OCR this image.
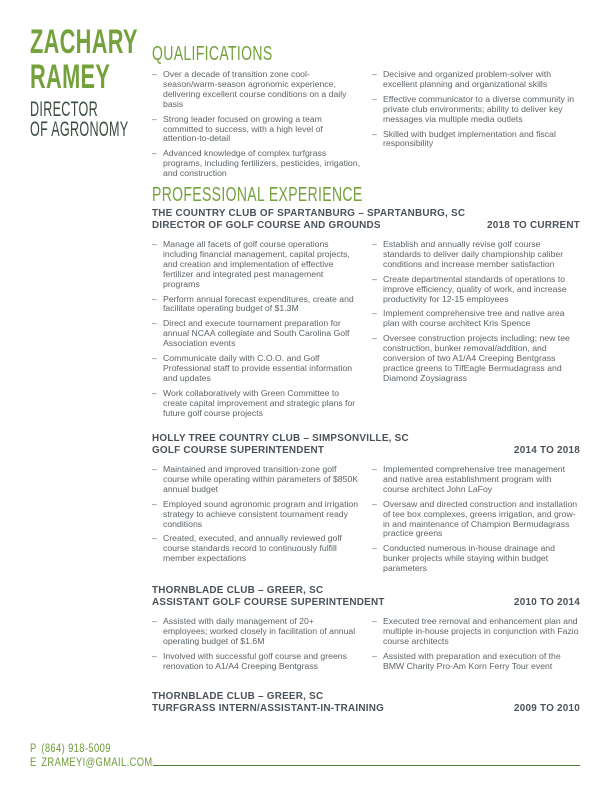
ZACHARY
RAMEY
DIRECTOR
OF AGRONOMY
QUALIFICATIONS
– Over a decade of transition zone cool-season/warm-season agronomic experience, delivering excellent course conditions on a daily basis
– Strong leader focused on growing a team committed to success, with a high level of attention-to-detail
– Advanced knowledge of complex turfgrass programs, including fertilizers, pesticides, irrigation, and construction
– Decisive and organized problem-solver with excellent planning and organizational skills
– Effective communicator to a diverse community in private club environments; ability to deliver key messages via multiple media outlets
– Skilled with budget implementation and fiscal responsibility
PROFESSIONAL EXPERIENCE
THE COUNTRY CLUB OF SPARTANBURG – SPARTANBURG, SC
DIRECTOR OF GOLF COURSE AND GROUNDS	2018 TO CURRENT
– Manage all facets of golf course operations including financial management, capital projects, and creation and implementation of effective fertilizer and integrated pest management programs
– Perform annual forecast expenditures, create and facilitate operating budget of $1.3M
– Direct and execute tournament preparation for annual NCAA collegiate and South Carolina Golf Association events
– Communicate daily with C.O.O. and Golf Professional staff to provide essential information and updates
– Work collaboratively with Green Committee to create capital improvement and strategic plans for future golf course projects
– Establish and annually revise golf course standards to deliver daily championship caliber conditions and increase member satisfaction
– Create departmental standards of operations to improve efficiency, quality of work, and increase productivity for 12-15 employees
– Implement comprehensive tree and native area plan with course architect Kris Spence
– Oversee construction projects including; new tee construction, bunker removal/addition, and conversion of two A1/A4 Creeping Bentgrass practice greens to TifEagle Bermudagrass and Diamond Zoysiagrass
HOLLY TREE COUNTRY CLUB – SIMPSONVILLE, SC
GOLF COURSE SUPERINTENDENT	2014 TO 2018
– Maintained and improved transition-zone golf course while operating within parameters of $850K annual budget
– Employed sound agronomic program and irrigation strategy to achieve consistent tournament ready conditions
– Created, executed, and annually reviewed golf course standards record to continuously fulfill member expectations
– Implemented comprehensive tree management and native area establishment program with course architect John LaFoy
– Oversaw and directed construction and installation of tee box complexes, greens irrigation, and grow-in and maintenance of Champion Bermudagrass practice greens
– Conducted numerous in-house drainage and bunker projects while staying within budget parameters
THORNBLADE CLUB – GREER, SC
ASSISTANT GOLF COURSE SUPERINTENDENT	2010 TO 2014
– Assisted with daily management of 20+ employees; worked closely in facilitation of annual operating budget of $1.6M
– Involved with successful golf course and greens renovation to A1/A4 Creeping Bentgrass
– Executed tree removal and enhancement plan and multiple in-house projects in conjunction with Fazio course architects
– Assisted with preparation and execution of the BMW Charity Pro-Am Korn Ferry Tour event
THORNBLADE CLUB – GREER, SC
TURFGRASS INTERN/ASSISTANT-IN-TRAINING	2009 TO 2010
P (864) 918-5009
E ZRAMEYI@GMAIL.COM
